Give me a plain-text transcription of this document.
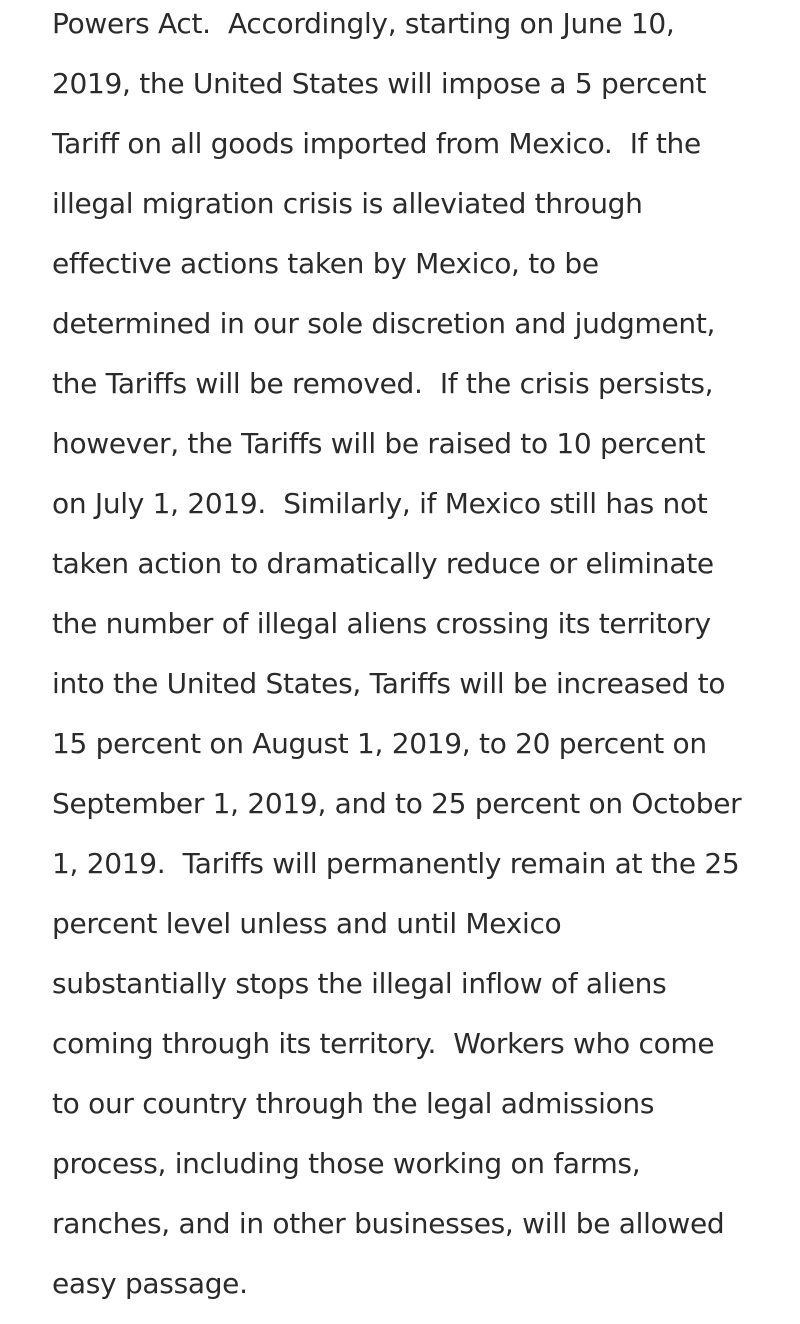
Powers Act.  Accordingly, starting on June 10,
2019, the United States will impose a 5 percent
Tariff on all goods imported from Mexico.  If the
illegal migration crisis is alleviated through
effective actions taken by Mexico, to be
determined in our sole discretion and judgment,
the Tariffs will be removed.  If the crisis persists,
however, the Tariffs will be raised to 10 percent
on July 1, 2019.  Similarly, if Mexico still has not
taken action to dramatically reduce or eliminate
the number of illegal aliens crossing its territory
into the United States, Tariffs will be increased to
15 percent on August 1, 2019, to 20 percent on
September 1, 2019, and to 25 percent on October
1, 2019.  Tariffs will permanently remain at the 25
percent level unless and until Mexico
substantially stops the illegal inflow of aliens
coming through its territory.  Workers who come
to our country through the legal admissions
process, including those working on farms,
ranches, and in other businesses, will be allowed
easy passage.
